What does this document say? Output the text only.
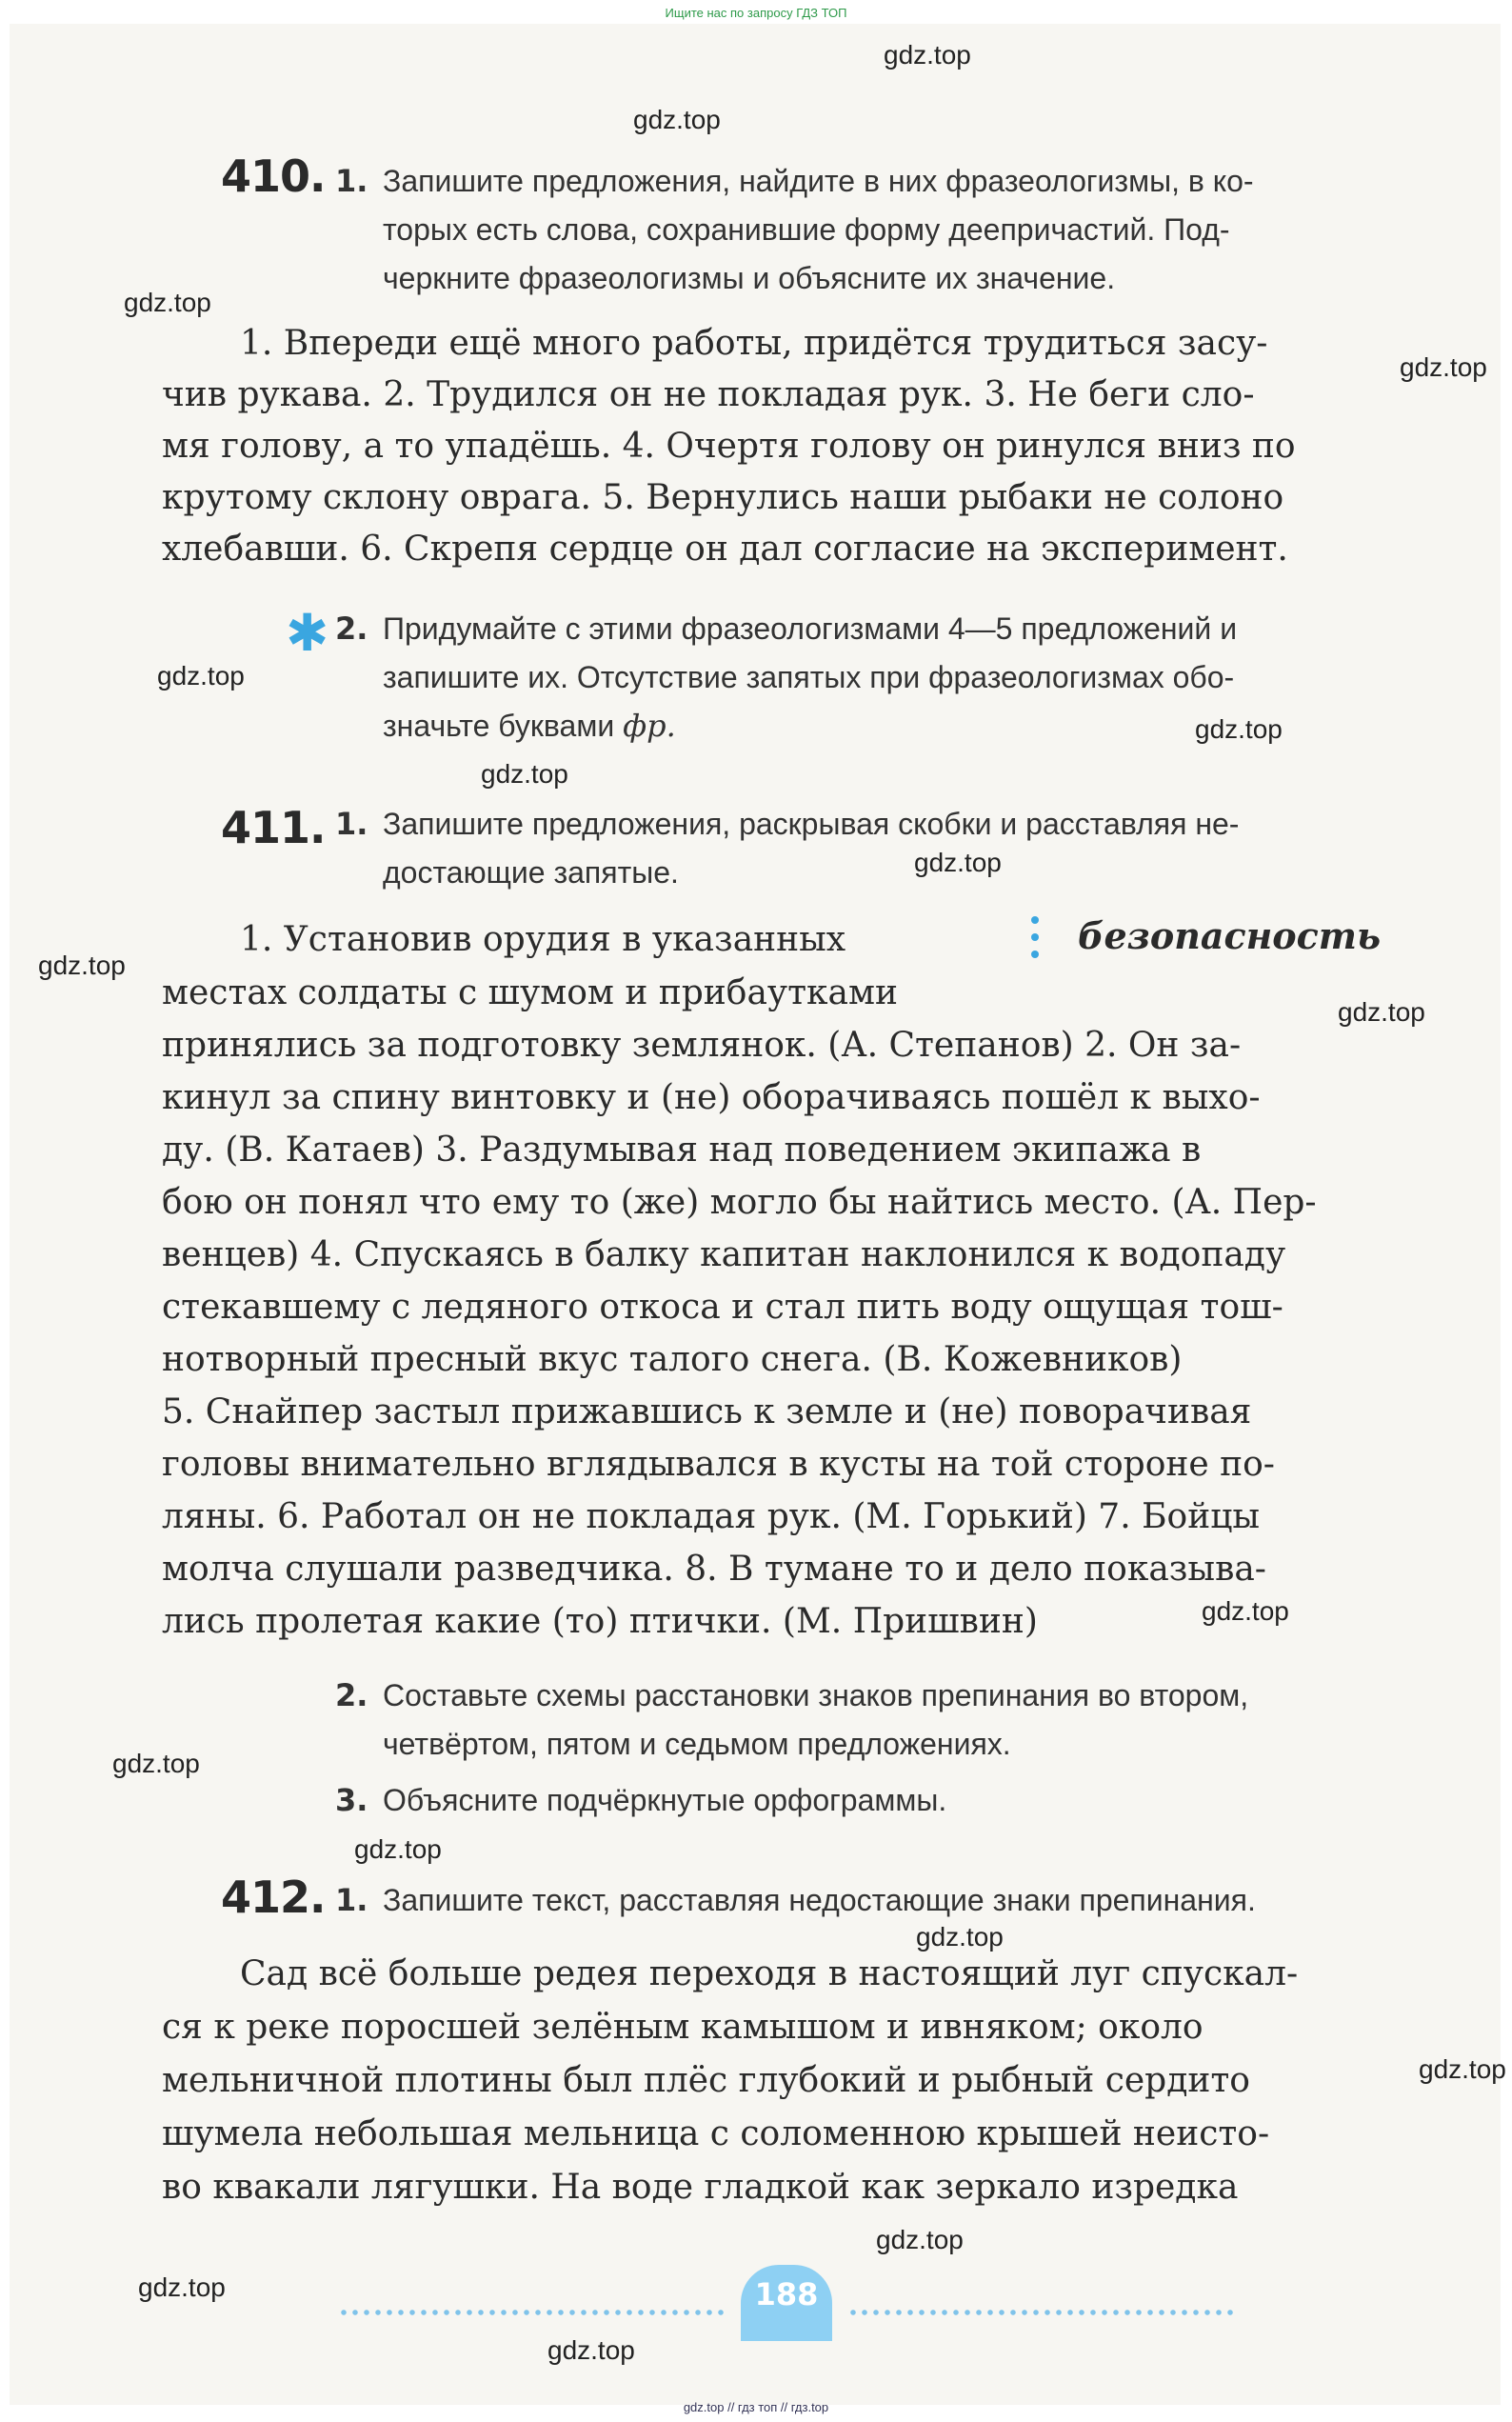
Ищите нас по запросу ГДЗ ТОП
gdz.top
gdz.top
gdz.top
gdz.top
gdz.top
gdz.top
gdz.top
gdz.top
gdz.top
gdz.top
gdz.top
gdz.top
gdz.top
gdz.top
gdz.top
gdz.top
gdz.top
gdz.top
410. 1. Запишите предложения, найдите в них фразеологизмы, в ко-
торых есть слова, сохранившие форму деепричастий. Под-
черкните фразеологизмы и объясните их значение.
1. Впереди ещё много работы, придётся трудиться засу-
чив рукава. 2. Трудился он не покладая рук. 3. Не беги сло-
мя голову, а то упадёшь. 4. Очертя голову он ринулся вниз по
крутому склону оврага. 5. Вернулись наши рыбаки не солоно
хлебавши. 6. Скрепя сердце он дал согласие на эксперимент.
✱ 2. Придумайте с этими фразеологизмами 4—5 предложений и
запишите их. Отсутствие запятых при фразеологизмах обо-
значьте буквами фр.
411. 1. Запишите предложения, раскрывая скобки и расставляя не-
достающие запятые.
безопасность
1. Установив орудия в указанных
местах солдаты с шумом и прибаутками
принялись за подготовку землянок. (А. Степанов) 2. Он за-
кинул за спину винтовку и (не) оборачиваясь пошёл к выхо-
ду. (В. Катаев) 3. Раздумывая над поведением экипажа в
бою он понял что ему то (же) могло бы найтись место. (А. Пер-
венцев) 4. Спускаясь в балку капитан наклонился к водопаду
стекавшему с ледяного откоса и стал пить воду ощущая тош-
нотворный пресный вкус талого снега. (В. Кожевников)
5. Снайпер застыл прижавшись к земле и (не) поворачивая
головы внимательно вглядывался в кусты на той стороне по-
ляны. 6. Работал он не покладая рук. (М. Горький) 7. Бойцы
молча слушали разведчика. 8. В тумане то и дело показыва-
лись пролетая какие (то) птички. (М. Пришвин)
2. Составьте схемы расстановки знаков препинания во втором,
четвёртом, пятом и седьмом предложениях.
3. Объясните подчёркнутые орфограммы.
412. 1. Запишите текст, расставляя недостающие знаки препинания.
Сад всё больше редея переходя в настоящий луг спускал-
ся к реке поросшей зелёным камышом и ивняком; около
мельничной плотины был плёс глубокий и рыбный сердито
шумела небольшая мельница с соломенною крышей неисто-
во квакали лягушки. На воде гладкой как зеркало изредка
188
gdz.top // гдз топ // гдз.top
